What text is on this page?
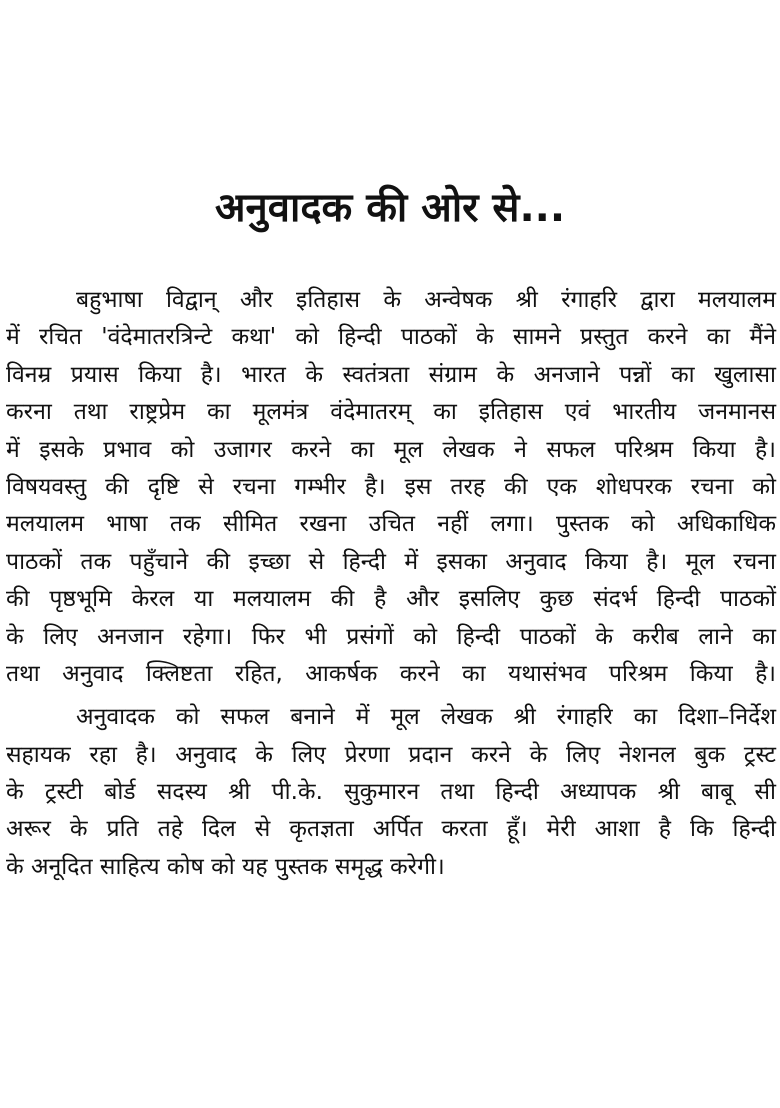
अनुवादक की ओर से...
बहुभाषा विद्वान् और इतिहास के अन्वेषक श्री रंगाहरि द्वारा मलयालम
में रचित 'वंदेमातरत्रिन्टे कथा' को हिन्दी पाठकों के सामने प्रस्तुत करने का मैंने
विनम्र प्रयास किया है। भारत के स्वतंत्रता संग्राम के अनजाने पन्नों का खुलासा
करना तथा राष्ट्रप्रेम का मूलमंत्र वंदेमातरम् का इतिहास एवं भारतीय जनमानस
में इसके प्रभाव को उजागर करने का मूल लेखक ने सफल परिश्रम किया है।
विषयवस्तु की दृष्टि से रचना गम्भीर है। इस तरह की एक शोधपरक रचना को
मलयालम भाषा तक सीमित रखना उचित नहीं लगा। पुस्तक को अधिकाधिक
पाठकों तक पहुँचाने की इच्छा से हिन्दी में इसका अनुवाद किया है। मूल रचना
की पृष्ठभूमि केरल या मलयालम की है और इसलिए कुछ संदर्भ हिन्दी पाठकों
के लिए अनजान रहेगा। फिर भी प्रसंगों को हिन्दी पाठकों के करीब लाने का
तथा अनुवाद क्लिष्टता रहित, आकर्षक करने का यथासंभव परिश्रम किया है।
अनुवादक को सफल बनाने में मूल लेखक श्री रंगाहरि का दिशा–निर्देश
सहायक रहा है। अनुवाद के लिए प्रेरणा प्रदान करने के लिए नेशनल बुक ट्रस्ट
के ट्रस्टी बोर्ड सदस्य श्री पी.के. सुकुमारन तथा हिन्दी अध्यापक श्री बाबू सी
अरूर के प्रति तहे दिल से कृतज्ञता अर्पित करता हूँ। मेरी आशा है कि हिन्दी
के अनूदित साहित्य कोष को यह पुस्तक समृद्ध करेगी।
